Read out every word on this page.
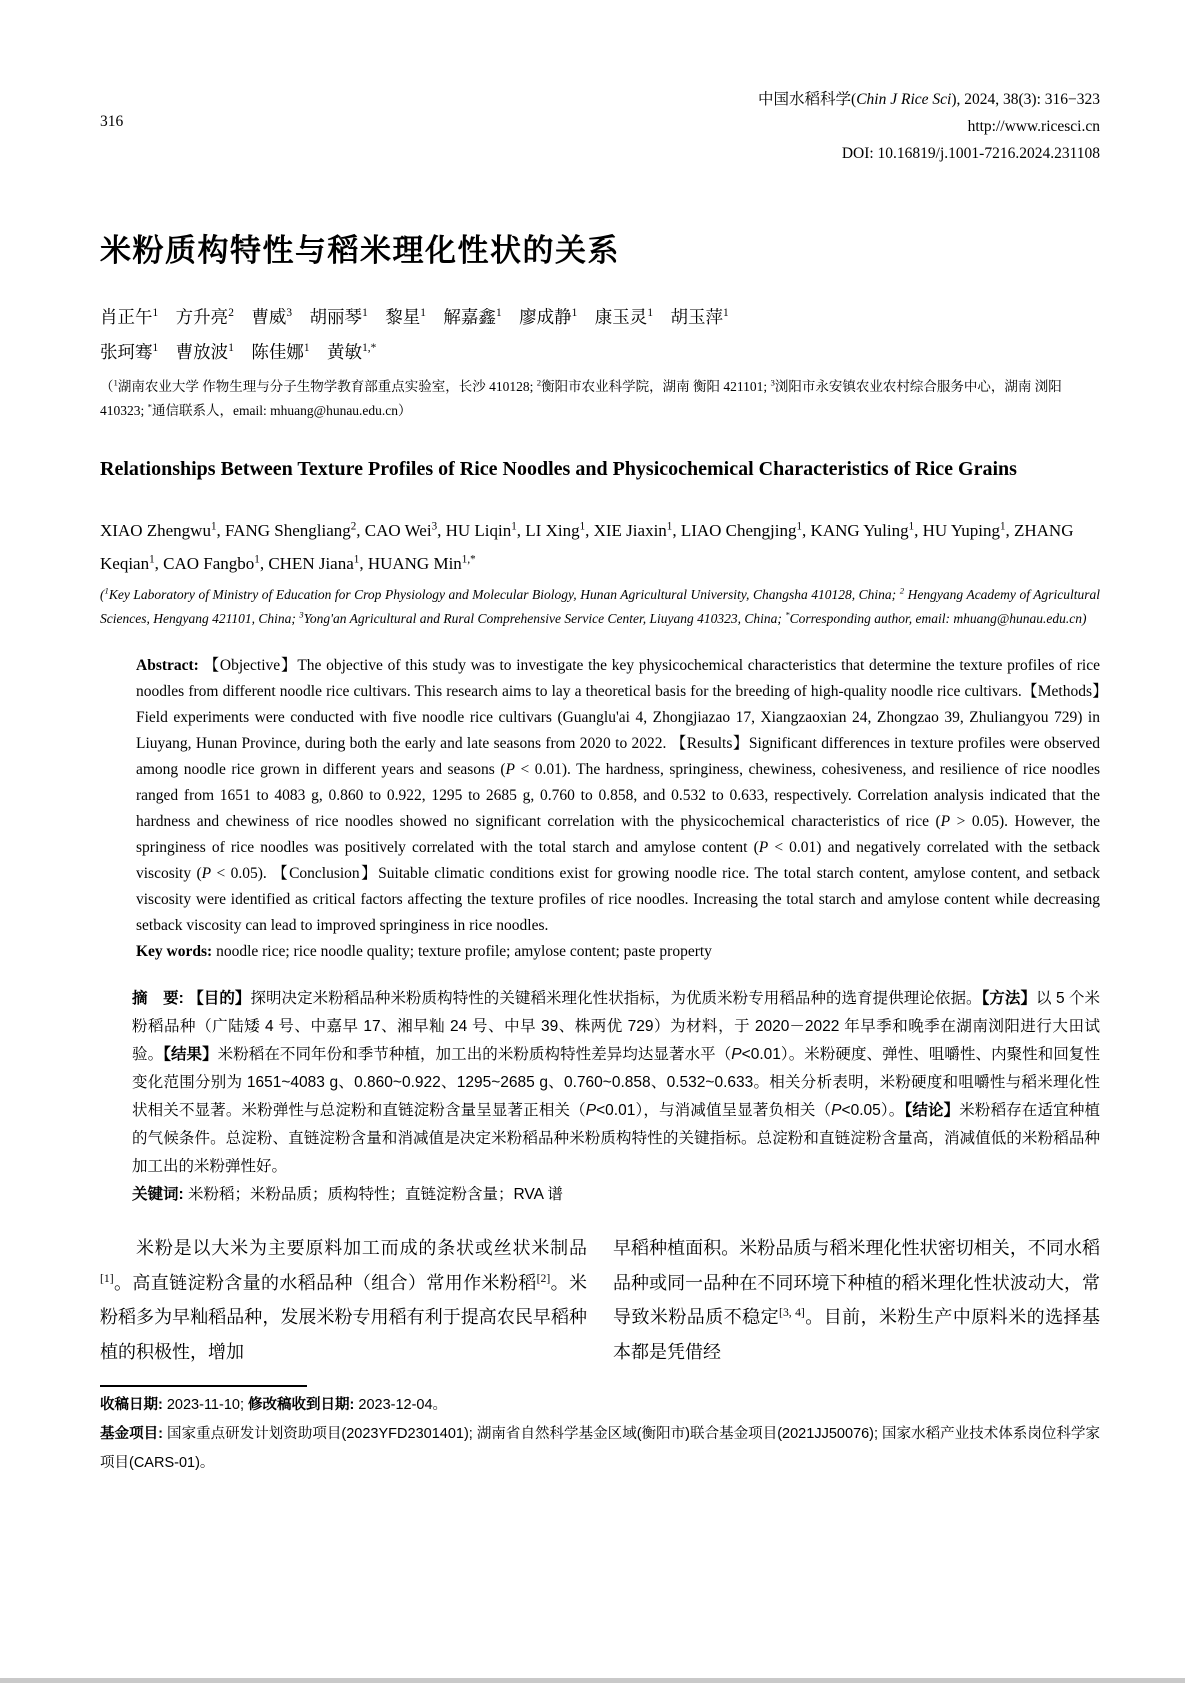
316
中国水稻科学(Chin J Rice Sci), 2024, 38(3): 316−323
http://www.ricesci.cn
DOI: 10.16819/j.1001-7216.2024.231108
米粉质构特性与稻米理化性状的关系
肖正午$^1$　方升亮$^2$　曹威$^3$　胡丽琴$^1$　黎星$^1$　解嘉鑫$^1$　廖成静$^1$　康玉灵$^1$　胡玉萍$^1$
张珂骞$^1$　曹放波$^1$　陈佳娜$^1$　黄敏$^{1,*}$
（$^1$湖南农业大学 作物生理与分子生物学教育部重点实验室，长沙 410128; $^2$衡阳市农业科学院，湖南 衡阳 421101; $^3$浏阳市永安镇农业农村综合服务中心，湖南 浏阳 410323; *通信联系人，email: mhuang@hunau.edu.cn）
Relationships Between Texture Profiles of Rice Noodles and Physicochemical Characteristics of Rice Grains
XIAO Zhengwu$^1$, FANG Shengliang$^2$, CAO Wei$^3$, HU Liqin$^1$, LI Xing$^1$, XIE Jiaxin$^1$, LIAO Chengjing$^1$, KANG Yuling$^1$, HU Yuping$^1$, ZHANG Keqian$^1$, CAO Fangbo$^1$, CHEN Jiana$^1$, HUANG Min$^{1,*}$
($^1$Key Laboratory of Ministry of Education for Crop Physiology and Molecular Biology, Hunan Agricultural University, Changsha 410128, China; $^2$ Hengyang Academy of Agricultural Sciences, Hengyang 421101, China; $^3$Yong'an Agricultural and Rural Comprehensive Service Center, Liuyang 410323, China; *Corresponding author, email: mhuang@hunau.edu.cn)

Abstract: 【Objective】The objective of this study was to investigate the key physicochemical characteristics that determine the texture profiles of rice noodles from different noodle rice cultivars. This research aims to lay a theoretical basis for the breeding of high-quality noodle rice cultivars.【Methods】Field experiments were conducted with five noodle rice cultivars (Guanglu'ai 4, Zhongjiazao 17, Xiangzaoxian 24, Zhongzao 39, Zhuliangyou 729) in Liuyang, Hunan Province, during both the early and late seasons from 2020 to 2022. 【Results】Significant differences in texture profiles were observed among noodle rice grown in different years and seasons (P < 0.01). The hardness, springiness, chewiness, cohesiveness, and resilience of rice noodles ranged from 1651 to 4083 g, 0.860 to 0.922, 1295 to 2685 g, 0.760 to 0.858, and 0.532 to 0.633, respectively. Correlation analysis indicated that the hardness and chewiness of rice noodles showed no significant correlation with the physicochemical characteristics of rice (P > 0.05). However, the springiness of rice noodles was positively correlated with the total starch and amylose content (P < 0.01) and negatively correlated with the setback viscosity (P < 0.05). 【Conclusion】Suitable climatic conditions exist for growing noodle rice. The total starch content, amylose content, and setback viscosity were identified as critical factors affecting the texture profiles of rice noodles. Increasing the total starch and amylose content while decreasing setback viscosity can lead to improved springiness in rice noodles.

Key words: noodle rice; rice noodle quality; texture profile; amylose content; paste property

摘　要: 【目的】探明决定米粉稻品种米粉质构特性的关键稻米理化性状指标，为优质米粉专用稻品种的选育提供理论依据。【方法】以 5 个米粉稻品种（广陆矮 4 号、中嘉早 17、湘早籼 24 号、中早 39、株两优 729）为材料，于 2020－2022 年早季和晚季在湖南浏阳进行大田试验。【结果】米粉稻在不同年份和季节种植，加工出的米粉质构特性差异均达显著水平（P<0.01）。米粉硬度、弹性、咀嚼性、内聚性和回复性变化范围分别为 1651~4083 g、0.860~0.922、1295~2685 g、0.760~0.858、0.532~0.633。相关分析表明，米粉硬度和咀嚼性与稻米理化性状相关不显著。米粉弹性与总淀粉和直链淀粉含量呈显著正相关（P<0.01），与消减值呈显著负相关（P<0.05）。【结论】米粉稻存在适宜种植的气候条件。总淀粉、直链淀粉含量和消减值是决定米粉稻品种米粉质构特性的关键指标。总淀粉和直链淀粉含量高，消减值低的米粉稻品种加工出的米粉弹性好。

关键词: 米粉稻；米粉品质；质构特性；直链淀粉含量；RVA 谱

米粉是以大米为主要原料加工而成的条状或丝状米制品[1]。高直链淀粉含量的水稻品种（组合）常用作米粉稻[2]。米粉稻多为早籼稻品种，发展米粉专用稻有利于提高农民早稻种植的积极性，增加

早稻种植面积。米粉品质与稻米理化性状密切相关，不同水稻品种或同一品种在不同环境下种植的稻米理化性状波动大，常导致米粉品质不稳定[3, 4]。目前，米粉生产中原料米的选择基本都是凭借经

收稿日期: 2023-11-10; 修改稿收到日期: 2023-12-04。

基金项目: 国家重点研发计划资助项目(2023YFD2301401); 湖南省自然科学基金区域(衡阳市)联合基金项目(2021JJ50076); 国家水稻产业技术体系岗位科学家项目(CARS-01)。
